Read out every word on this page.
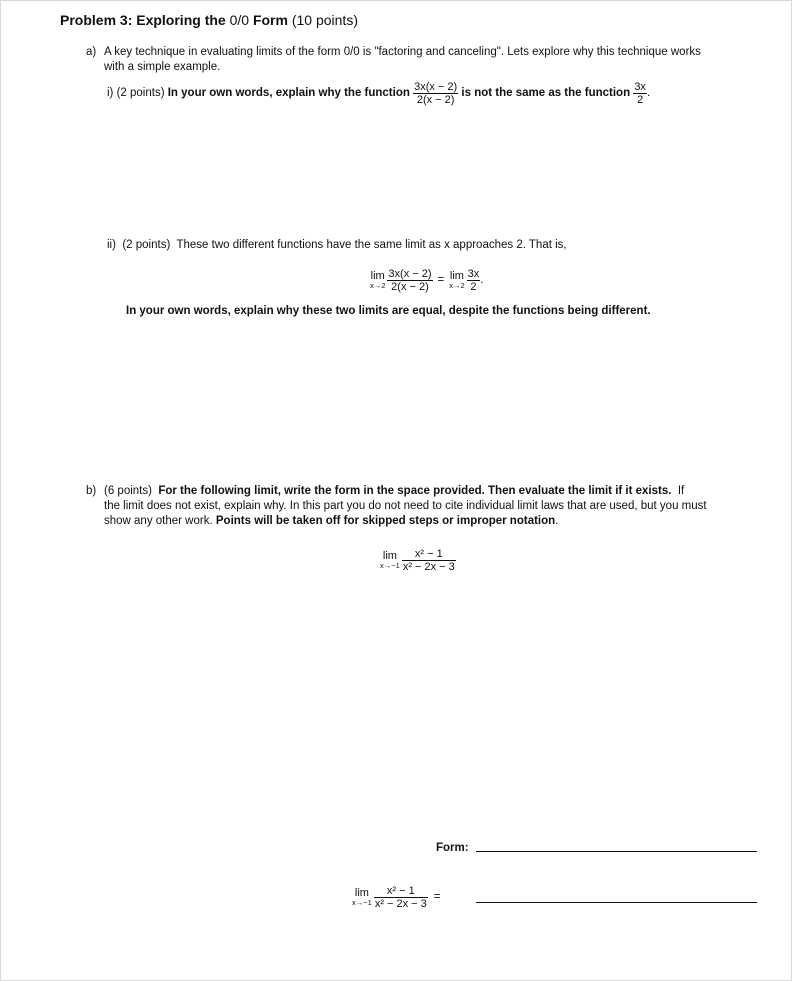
Problem 3: Exploring the 0/0 Form (10 points)
a) A key technique in evaluating limits of the form 0/0 is "factoring and canceling". Lets explore why this technique works
with a simple example.
i)
(2 points)
In your own words, explain why the function
$\frac{3x(x - 2)}{2(x - 2)}$
is not the same as the function
$\frac{3x}{2}$ .
ii) (2 points) These two different functions have the same limit as x approaches 2. That is,
lim
$x\to 2 \frac{3x(x - 2)}{2(x - 2)} = \lim$
$x\to 2 \frac{3x}{2}$ .
In your own words, explain why these two limits are equal, despite the functions being different.
b) (6 points) For the following limit, write the form in the space provided. Then evaluate the limit if it exists. If
the limit does not exist, explain why. In this part you do not need to cite individual limit laws that are used, but you must
show any other work. Points will be taken off for skipped steps or improper notation.
lim
$x\to-1 \frac{\text{x² − 1}}{\text{x² − 2x − 3}}$
Form:
lim
$x\to-1 \frac{\text{x² − 1}}{\text{x² − 2x − 3}}$ =
